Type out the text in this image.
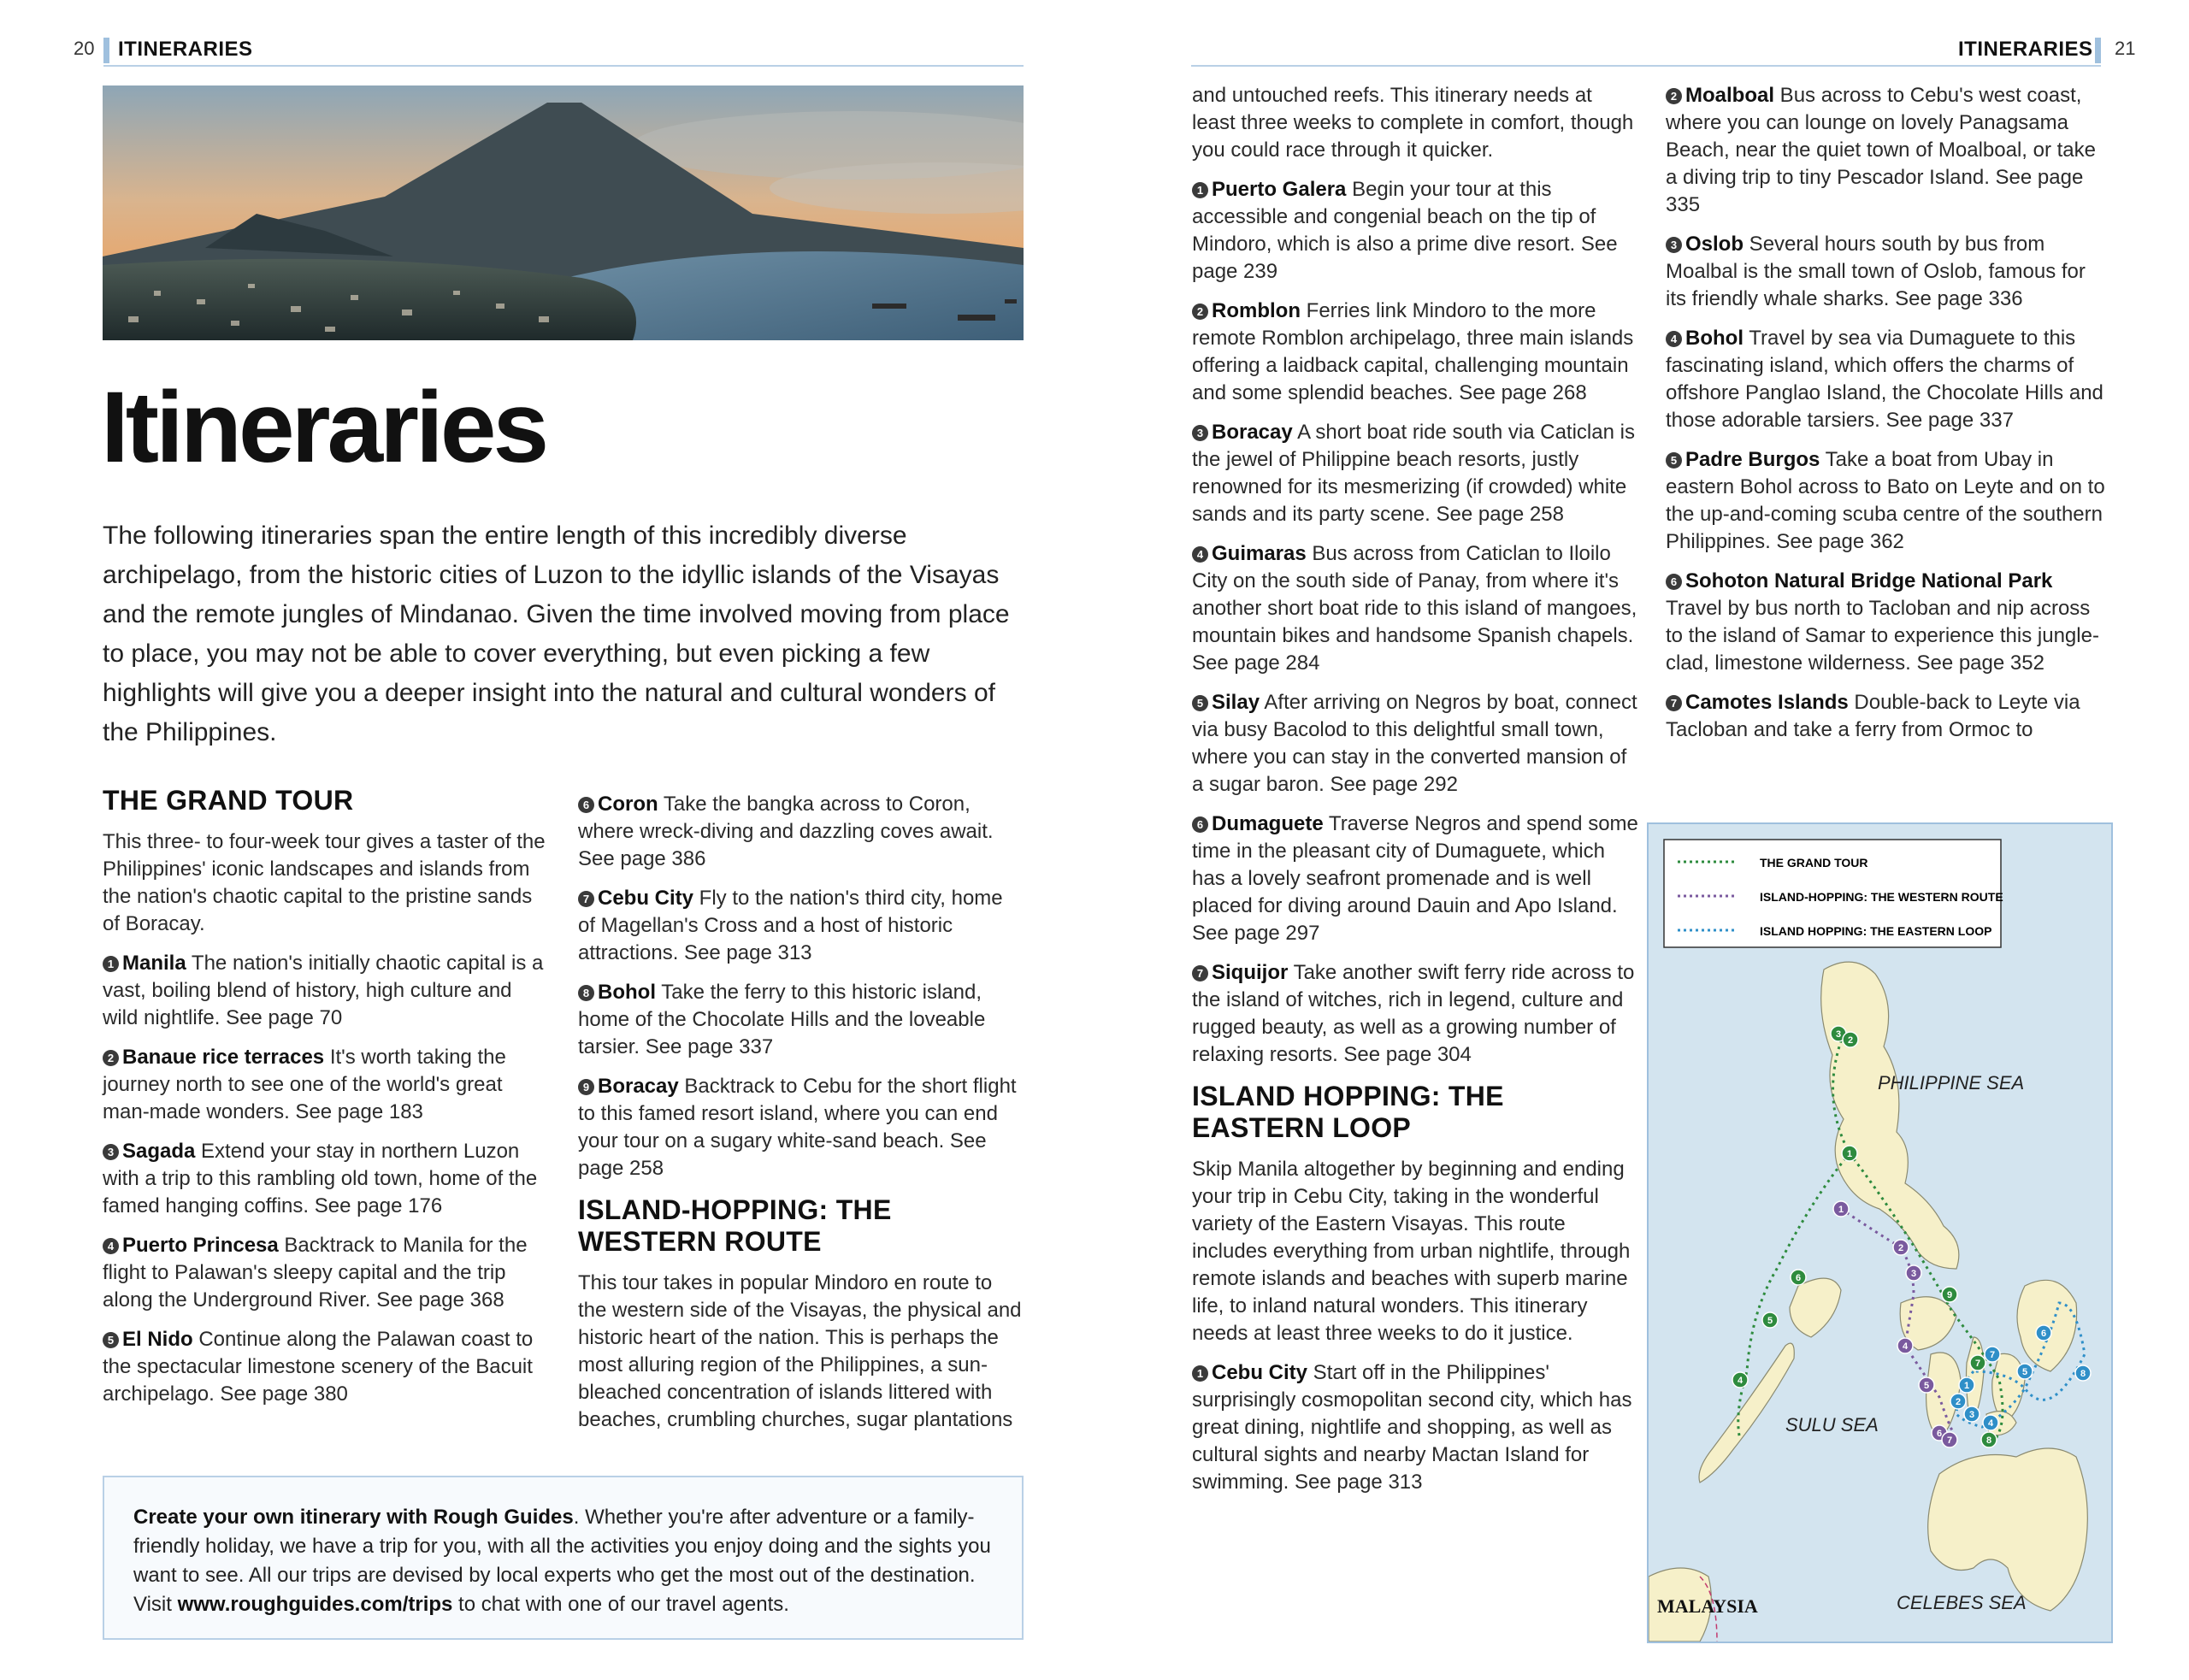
20 ITINERARIES	ITINERARIES 21
Itineraries
The following itineraries span the entire length of this incredibly diverse archipelago, from the historic cities of Luzon to the idyllic islands of the Visayas and the remote jungles of Mindanao. Given the time involved moving from place to place, you may not be able to cover everything, but even picking a few highlights will give you a deeper insight into the natural and cultural wonders of the Philippines.
THE GRAND TOUR

This three- to four-week tour gives a taster of the Philippines' iconic landscapes and islands from the nation's chaotic capital to the pristine sands of Boracay.

1 Manila The nation's initially chaotic capital is a vast, boiling blend of history, high culture and wild nightlife. See page 70
2 Banaue rice terraces It's worth taking the journey north to see one of the world's great man-made wonders. See page 183
3 Sagada Extend your stay in northern Luzon with a trip to this rambling old town, home of the famed hanging coffins. See page 176
4 Puerto Princesa Backtrack to Manila for the flight to Palawan's sleepy capital and the trip along the Underground River. See page 368
5 El Nido Continue along the Palawan coast to the spectacular limestone scenery of the Bacuit archipelago. See page 380
6 Coron Take the bangka across to Coron, where wreck-diving and dazzling coves await. See page 386
7 Cebu City Fly to the nation's third city, home of Magellan's Cross and a host of historic attractions. See page 313
8 Bohol Take the ferry to this historic island, home of the Chocolate Hills and the loveable tarsier. See page 337
9 Boracay Backtrack to Cebu for the short flight to this famed resort island, where you can end your tour on a sugary white-sand beach. See page 258
ISLAND-HOPPING: THE
WESTERN ROUTE

This tour takes in popular Mindoro en route to the western side of the Visayas, the physical and historic heart of the nation. This is perhaps the most alluring region of the Philippines, a sun-bleached concentration of islands littered with beaches, crumbling churches, sugar plantations

Create your own itinerary with Rough Guides. Whether you're after adventure or a family-friendly holiday, we have a trip for you, with all the activities you enjoy doing and the sights you want to see. All our trips are devised by local experts who get the most out of the destination. Visit www.roughguides.com/trips to chat with one of our travel agents.

and untouched reefs. This itinerary needs at least three weeks to complete in comfort, though you could race through it quicker.

1 Puerto Galera Begin your tour at this accessible and congenial beach on the tip of Mindoro, which is also a prime dive resort. See page 239
2 Romblon Ferries link Mindoro to the more remote Romblon archipelago, three main islands offering a laidback capital, challenging mountain and some splendid beaches. See page 268
3 Boracay A short boat ride south via Caticlan is the jewel of Philippine beach resorts, justly renowned for its mesmerizing (if crowded) white sands and its party scene. See page 258
4 Guimaras Bus across from Caticlan to Iloilo City on the south side of Panay, from where it's another short boat ride to this island of mangoes, mountain bikes and handsome Spanish chapels. See page 284
5 Silay After arriving on Negros by boat, connect via busy Bacolod to this delightful small town, where you can stay in the converted mansion of a sugar baron. See page 292
6 Dumaguete Traverse Negros and spend some time in the pleasant city of Dumaguete, which has a lovely seafront promenade and is well placed for diving around Dauin and Apo Island. See page 297
7 Siquijor Take another swift ferry ride across to the island of witches, rich in legend, culture and rugged beauty, as well as a growing number of relaxing resorts. See page 304
ISLAND HOPPING: THE
EASTERN LOOP

Skip Manila altogether by beginning and ending your trip in Cebu City, taking in the wonderful variety of the Eastern Visayas. This route includes everything from urban nightlife, through remote islands and beaches with superb marine life, to inland natural wonders. This itinerary needs at least three weeks to do it justice.

1 Cebu City Start off in the Philippines' surprisingly cosmopolitan second city, which has great dining, nightlife and shopping, as well as cultural sights and nearby Mactan Island for swimming. See page 313
2 Moalboal Bus across to Cebu's west coast, where you can lounge on lovely Panagsama Beach, near the quiet town of Moalboal, or take a diving trip to tiny Pescador Island. See page 335
3 Oslob Several hours south by bus from Moalbal is the small town of Oslob, famous for its friendly whale sharks. See page 336
4 Bohol Travel by sea via Dumaguete to this fascinating island, which offers the charms of offshore Panglao Island, the Chocolate Hills and those adorable tarsiers. See page 337
5 Padre Burgos Take a boat from Ubay in eastern Bohol across to Bato on Leyte and on to the up-and-coming scuba centre of the southern Philippines. See page 362
6 Sohoton Natural Bridge National Park Travel by bus north to Tacloban and nip across to the island of Samar to experience this jungle-clad, limestone wilderness. See page 352
7 Camotes Islands Double-back to Leyte via Tacloban and take a ferry from Ormoc to
THE GRAND TOUR
ISLAND-HOPPING: THE WESTERN ROUTE
ISLAND HOPPING: THE EASTERN LOOP
3
2
1
6
5
4
7
9
8
1
2
3
4
5
6
7
1
2
3
4
5
6
7
8
PHILIPPINE SEA
SULU SEA
CELEBES SEA
MALAYSIA
